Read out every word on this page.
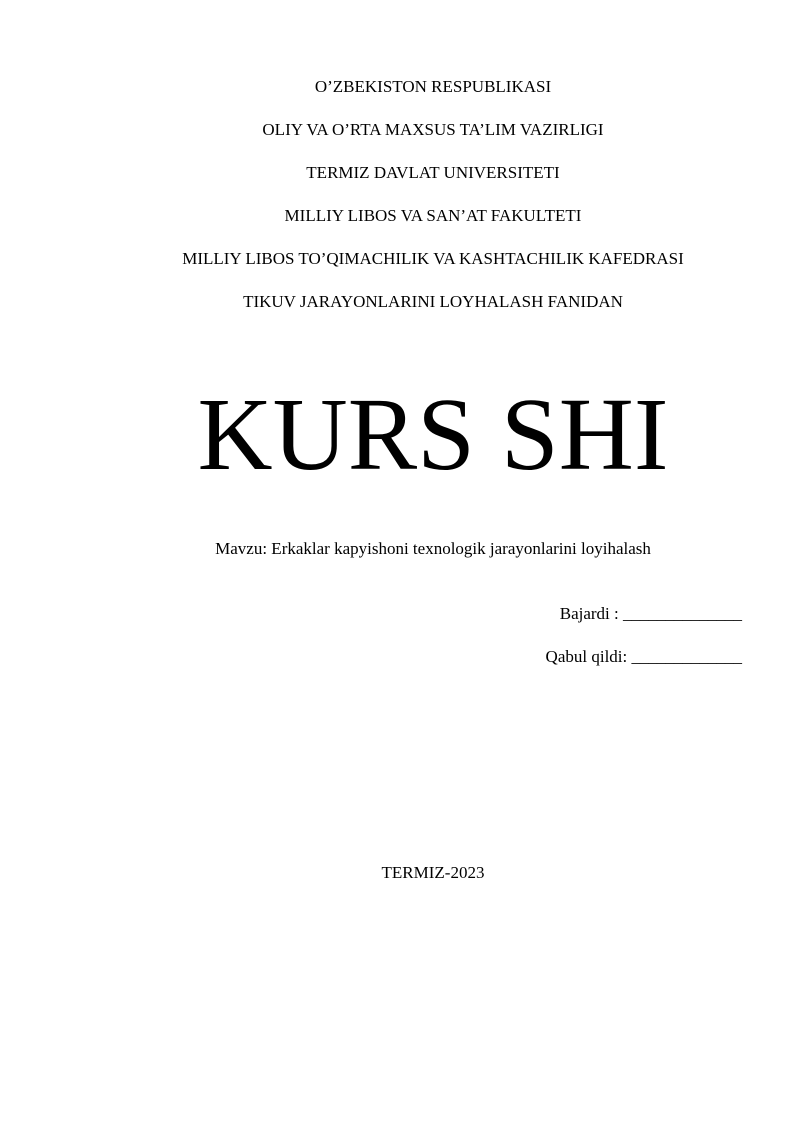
O’ZBEKISTON RESPUBLIKASI
OLIY VA O’RTA MAXSUS TA’LIM VAZIRLIGI
TERMIZ DAVLAT UNIVERSITETI
MILLIY LIBOS VA SAN’AT FAKULTETI
MILLIY LIBOS TO’QIMACHILIK VA KASHTACHILIK KAFEDRASI
TIKUV JARAYONLARINI LOYHALASH FANIDAN
KURS SHI
Mavzu: Erkaklar kapyishoni texnologik jarayonlarini loyihalash
Bajardi : ______________
Qabul qildi: _____________
TERMIZ-2023
